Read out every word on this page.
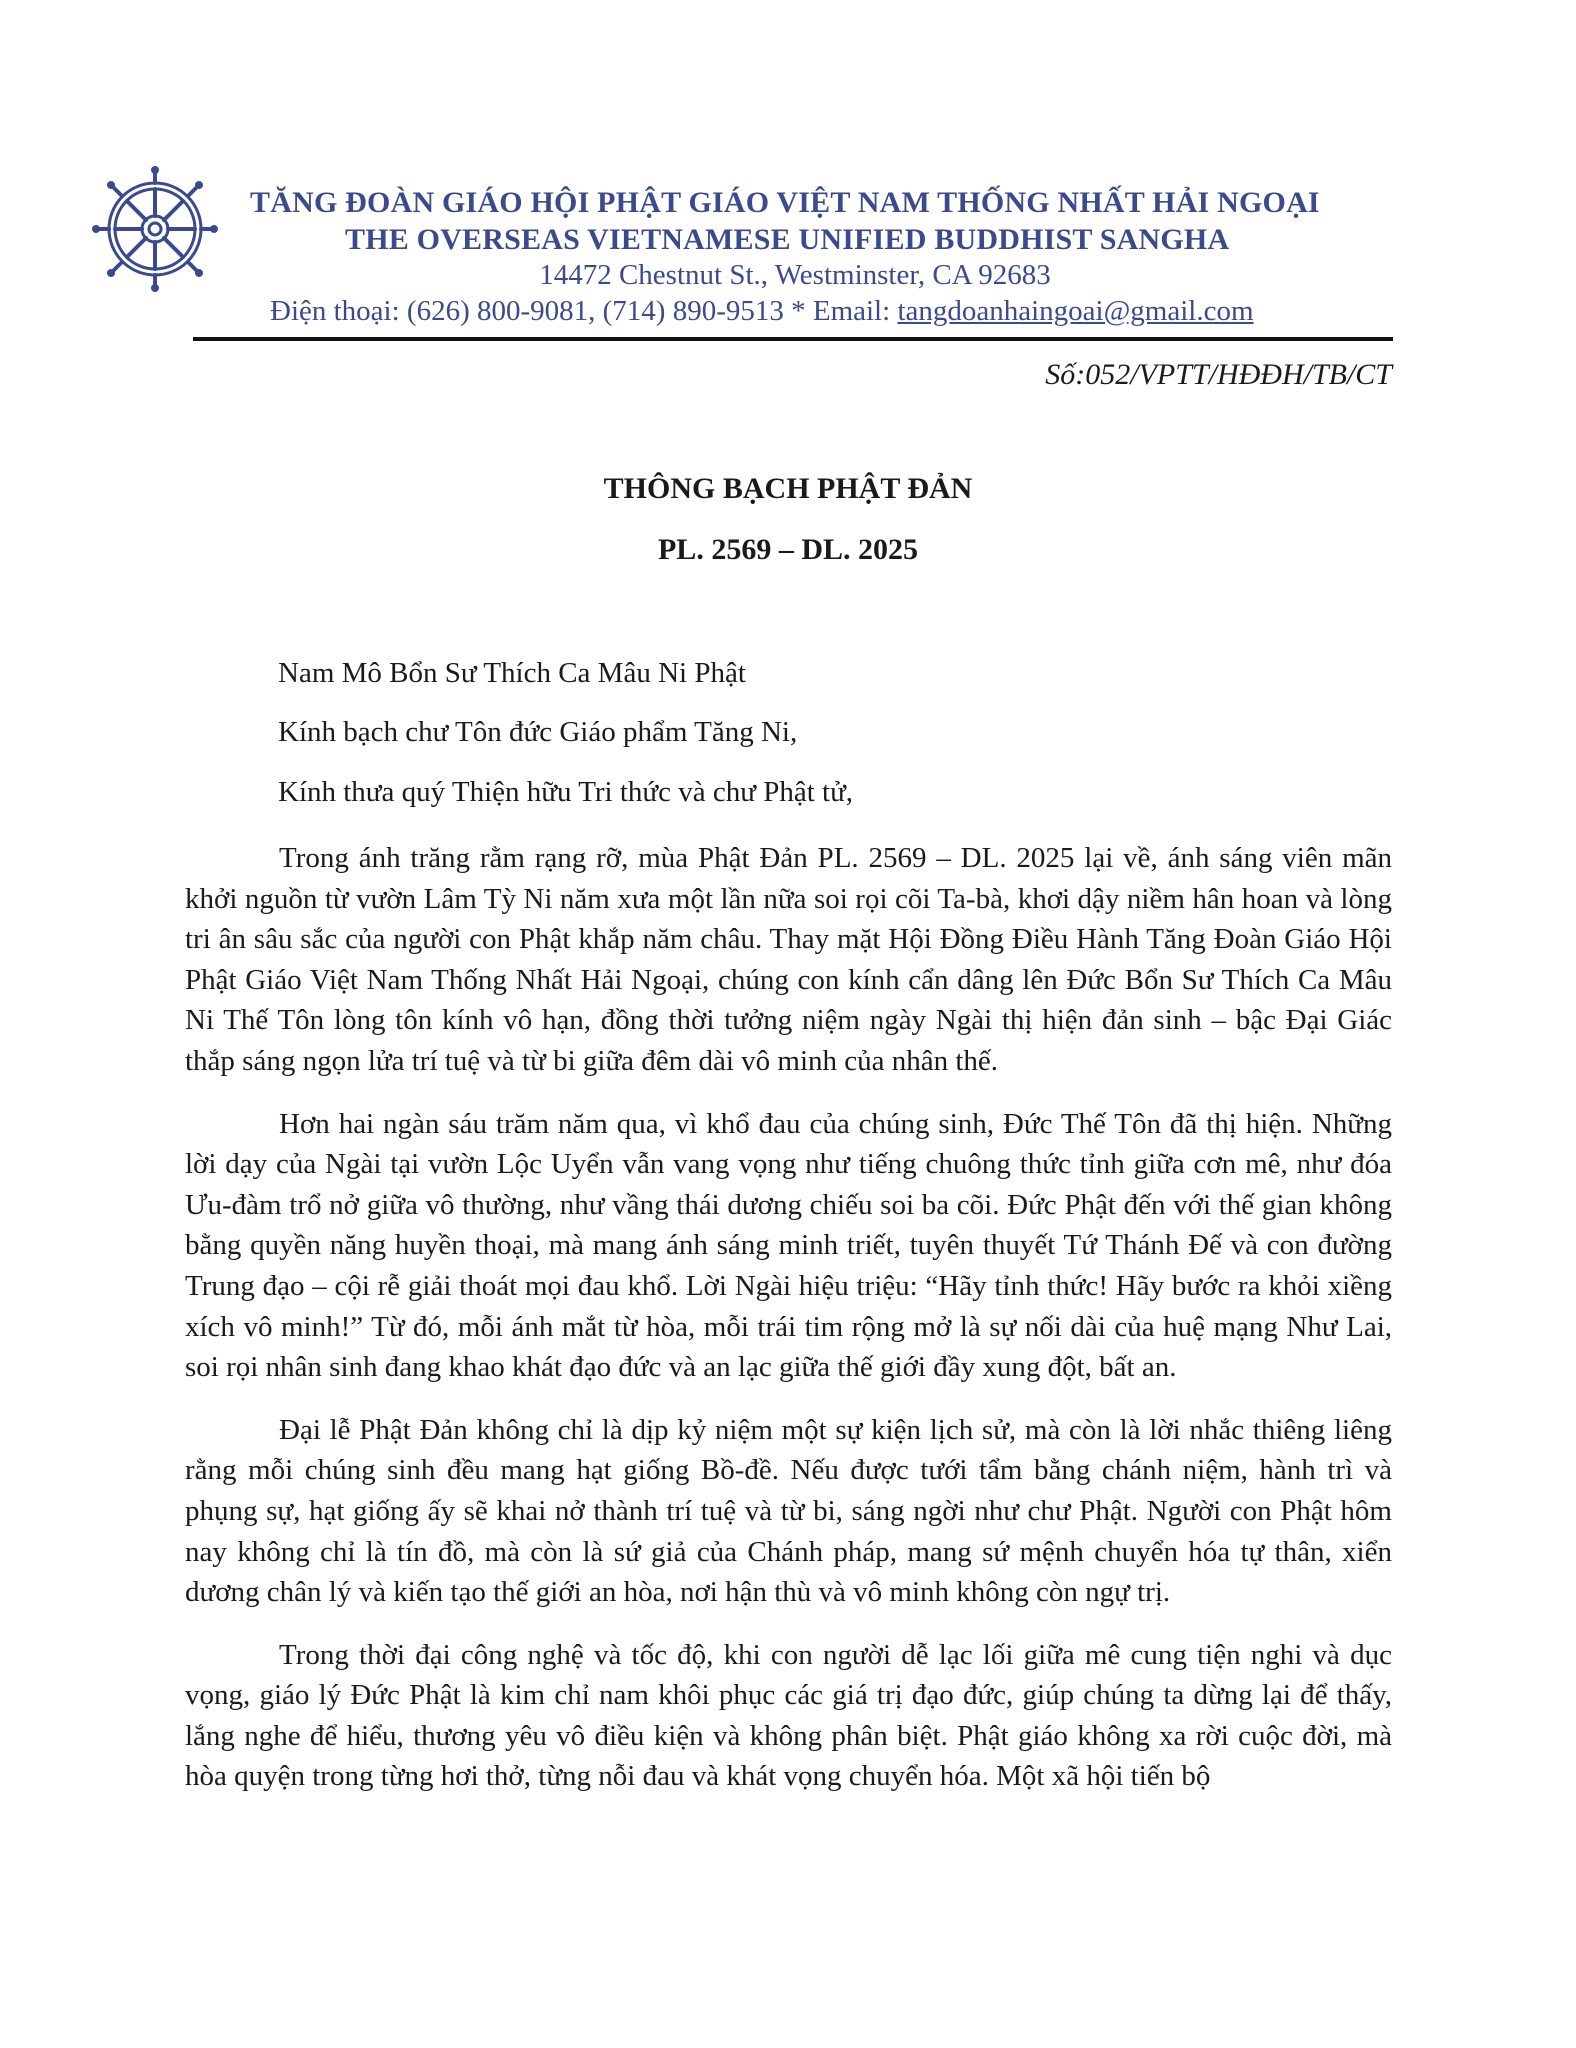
TĂNG ĐOÀN GIÁO HỘI PHẬT GIÁO VIỆT NAM THỐNG NHẤT HẢI NGOẠI
THE OVERSEAS VIETNAMESE UNIFIED BUDDHIST SANGHA
14472 Chestnut St., Westminster, CA 92683
Điện thoại: (626) 800-9081, (714) 890-9513 * Email: tangdoanhaingoai@gmail.com
Số:052/VPTT/HĐĐH/TB/CT
THÔNG BẠCH PHẬT ĐẢN
PL. 2569 – DL. 2025
Nam Mô Bổn Sư Thích Ca Mâu Ni Phật
Kính bạch chư Tôn đức Giáo phẩm Tăng Ni,
Kính thưa quý Thiện hữu Tri thức và chư Phật tử,

Trong ánh trăng rằm rạng rỡ, mùa Phật Đản PL. 2569 – DL. 2025 lại về, ánh sáng viên mãn khởi nguồn từ vườn Lâm Tỳ Ni năm xưa một lần nữa soi rọi cõi Ta-bà, khơi dậy niềm hân hoan và lòng tri ân sâu sắc của người con Phật khắp năm châu. Thay mặt Hội Đồng Điều Hành Tăng Đoàn Giáo Hội Phật Giáo Việt Nam Thống Nhất Hải Ngoại, chúng con kính cẩn dâng lên Đức Bổn Sư Thích Ca Mâu Ni Thế Tôn lòng tôn kính vô hạn, đồng thời tưởng niệm ngày Ngài thị hiện đản sinh – bậc Đại Giác thắp sáng ngọn lửa trí tuệ và từ bi giữa đêm dài vô minh của nhân thế.

Hơn hai ngàn sáu trăm năm qua, vì khổ đau của chúng sinh, Đức Thế Tôn đã thị hiện. Những lời dạy của Ngài tại vườn Lộc Uyển vẫn vang vọng như tiếng chuông thức tỉnh giữa cơn mê, như đóa Ưu-đàm trổ nở giữa vô thường, như vầng thái dương chiếu soi ba cõi. Đức Phật đến với thế gian không bằng quyền năng huyền thoại, mà mang ánh sáng minh triết, tuyên thuyết Tứ Thánh Đế và con đường Trung đạo – cội rễ giải thoát mọi đau khổ. Lời Ngài hiệu triệu: “Hãy tỉnh thức! Hãy bước ra khỏi xiềng xích vô minh!” Từ đó, mỗi ánh mắt từ hòa, mỗi trái tim rộng mở là sự nối dài của huệ mạng Như Lai, soi rọi nhân sinh đang khao khát đạo đức và an lạc giữa thế giới đầy xung đột, bất an.

Đại lễ Phật Đản không chỉ là dịp kỷ niệm một sự kiện lịch sử, mà còn là lời nhắc thiêng liêng rằng mỗi chúng sinh đều mang hạt giống Bồ-đề. Nếu được tưới tẩm bằng chánh niệm, hành trì và phụng sự, hạt giống ấy sẽ khai nở thành trí tuệ và từ bi, sáng ngời như chư Phật. Người con Phật hôm nay không chỉ là tín đồ, mà còn là sứ giả của Chánh pháp, mang sứ mệnh chuyển hóa tự thân, xiển dương chân lý và kiến tạo thế giới an hòa, nơi hận thù và vô minh không còn ngự trị.

Trong thời đại công nghệ và tốc độ, khi con người dễ lạc lối giữa mê cung tiện nghi và dục vọng, giáo lý Đức Phật là kim chỉ nam khôi phục các giá trị đạo đức, giúp chúng ta dừng lại để thấy, lắng nghe để hiểu, thương yêu vô điều kiện và không phân biệt. Phật giáo không xa rời cuộc đời, mà hòa quyện trong từng hơi thở, từng nỗi đau và khát vọng chuyển hóa. Một xã hội tiến bộ
